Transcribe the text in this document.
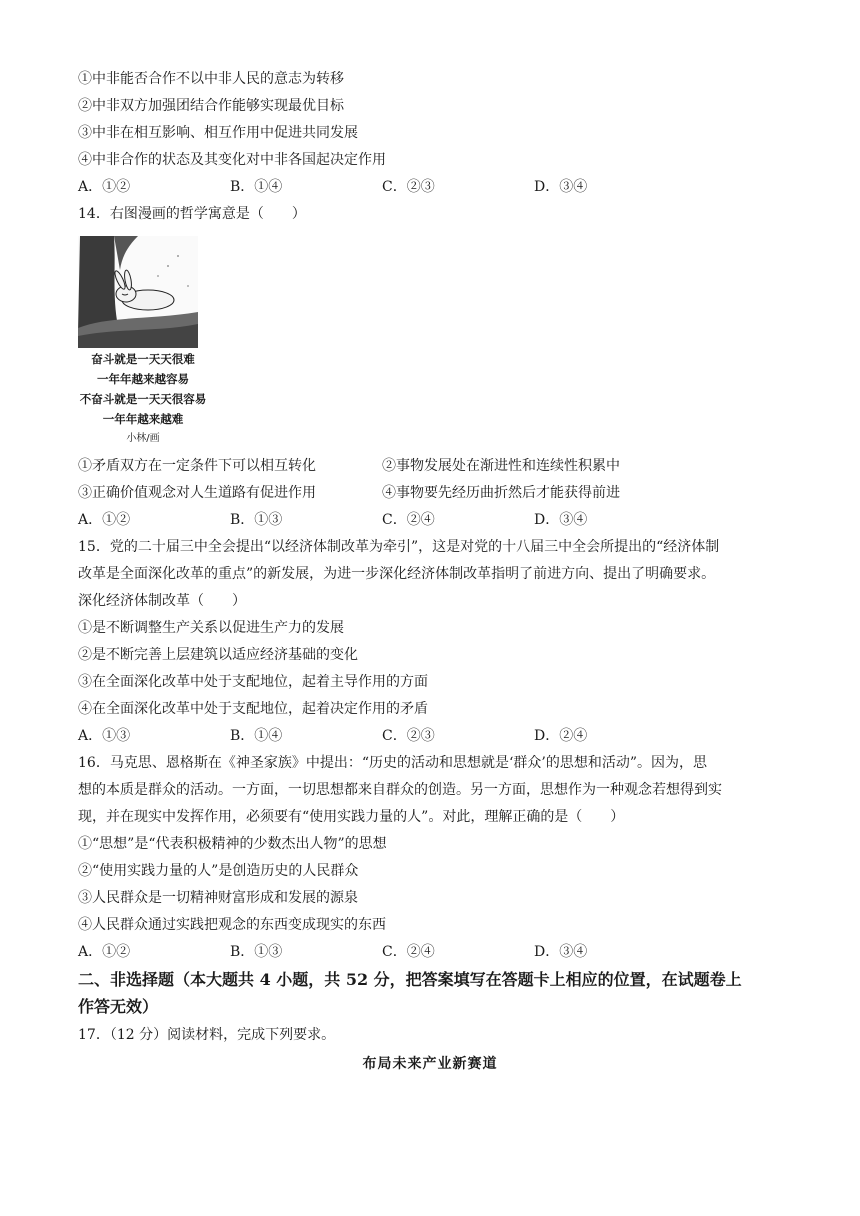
①中非能否合作不以中非人民的意志为转移
②中非双方加强团结合作能够实现最优目标
③中非在相互影响、相互作用中促进共同发展
④中非合作的状态及其变化对中非各国起决定作用
A．①②	B．①④	C．②③	D．③④
14．右图漫画的哲学寓意是（　　）
奋斗就是一天天很难
一年年越来越容易
不奋斗就是一天天很容易
一年年越来越难
小林/画
①矛盾双方在一定条件下可以相互转化	②事物发展处在渐进性和连续性积累中
③正确价值观念对人生道路有促进作用	④事物要先经历曲折然后才能获得前进
A．①②	B．①③	C．②④	D．③④
15．党的二十届三中全会提出“以经济体制改革为牵引”，这是对党的十八届三中全会所提出的“经济体制
改革是全面深化改革的重点”的新发展，为进一步深化经济体制改革指明了前进方向、提出了明确要求。
深化经济体制改革（　　）
①是不断调整生产关系以促进生产力的发展
②是不断完善上层建筑以适应经济基础的变化
③在全面深化改革中处于支配地位，起着主导作用的方面
④在全面深化改革中处于支配地位，起着决定作用的矛盾
A．①③	B．①④	C．②③	D．②④
16．马克思、恩格斯在《神圣家族》中提出：“历史的活动和思想就是‘群众’的思想和活动”。因为，思
想的本质是群众的活动。一方面，一切思想都来自群众的创造。另一方面，思想作为一种观念若想得到实
现，并在现实中发挥作用，必须要有“使用实践力量的人”。对此，理解正确的是（　　）
①“思想”是“代表积极精神的少数杰出人物”的思想
②“使用实践力量的人”是创造历史的人民群众
③人民群众是一切精神财富形成和发展的源泉
④人民群众通过实践把观念的东西变成现实的东西
A．①②	B．①③	C．②④	D．③④
二、非选择题（本大题共 4 小题，共 52 分，把答案填写在答题卡上相应的位置，在试题卷上
作答无效）
17．（12 分）阅读材料，完成下列要求。
布局未来产业新赛道
